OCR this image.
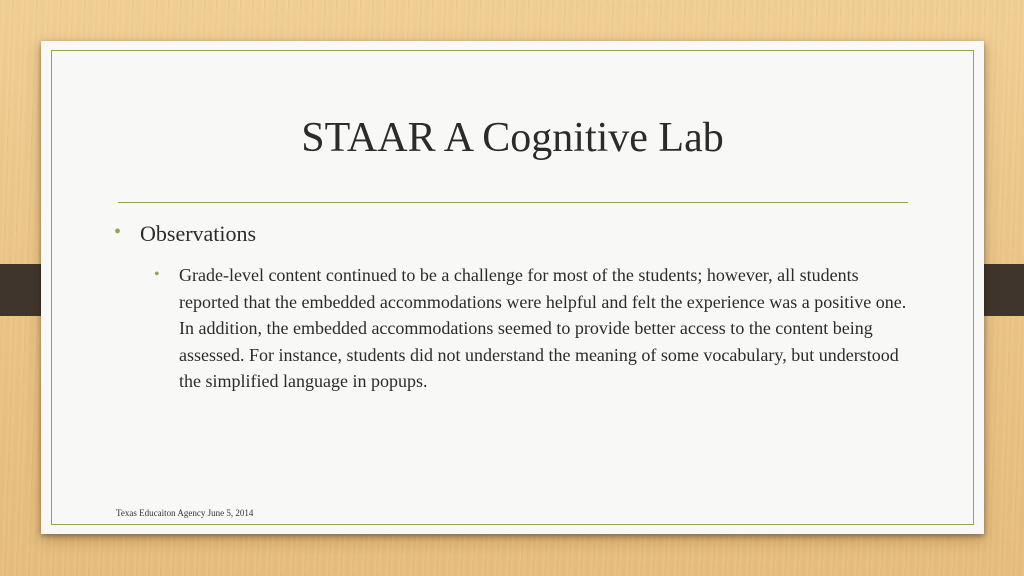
STAAR A Cognitive Lab
• Observations
• Grade-level content continued to be a challenge for most of the students; however, all students reported that the embedded accommodations were helpful and felt the experience was a positive one. In addition, the embedded accommodations seemed to provide better access to the content being assessed. For instance, students did not understand the meaning of some vocabulary, but understood the simplified language in popups.
Texas Educaiton Agency June 5, 2014
